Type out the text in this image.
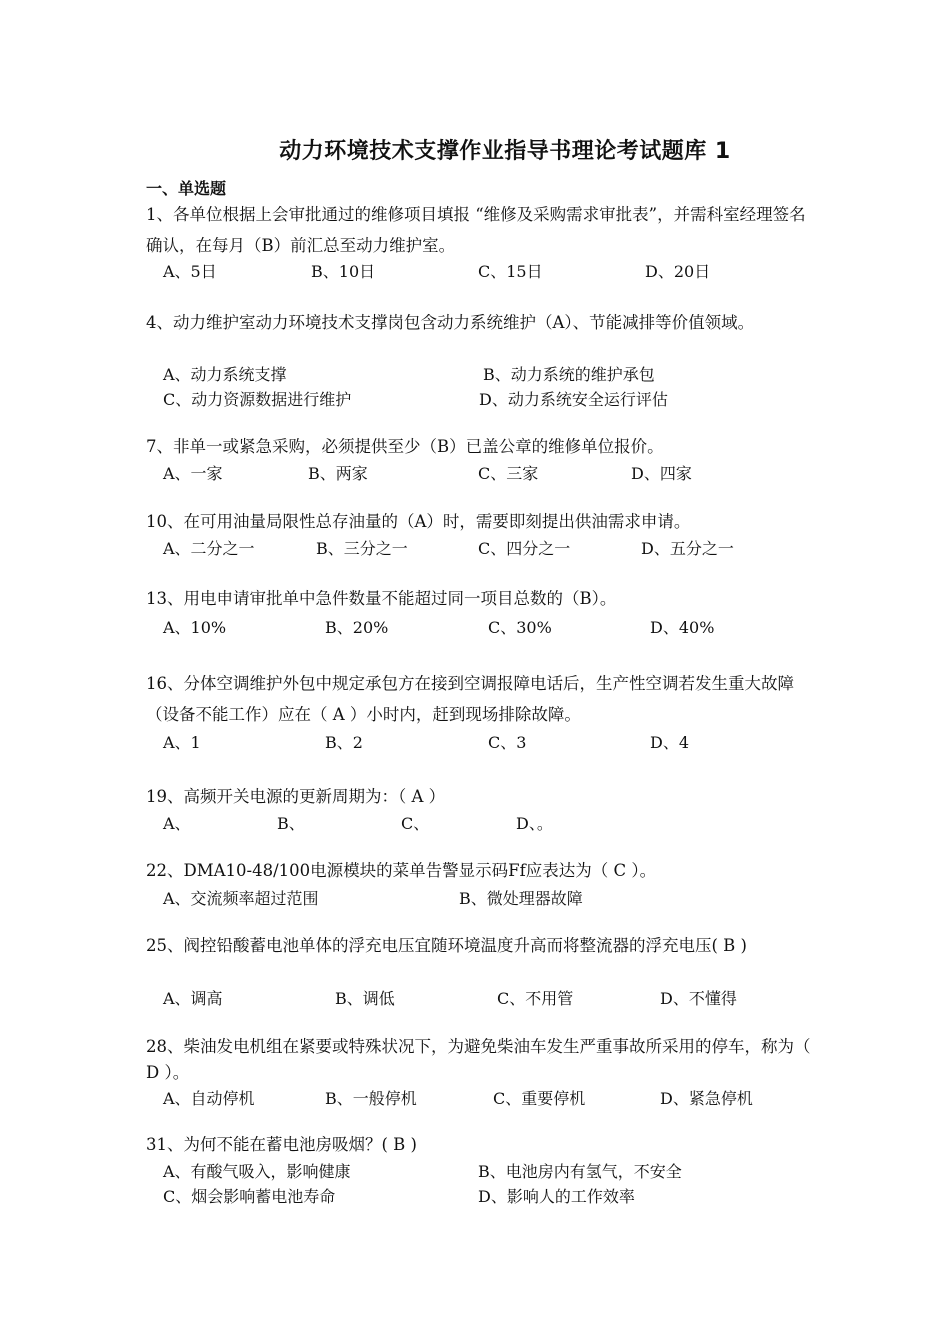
动力环境技术支撑作业指导书理论考试题库 1
一、单选题
1、各单位根据上会审批通过的维修项目填报 “维修及采购需求审批表”，并需科室经理签名确认，在每月（B）前汇总至动力维护室。
A、5日	B、10日	C、15日	D、20日
4、动力维护室动力环境技术支撑岗包含动力系统维护（A）、节能减排等价值领域。
A、动力系统支撑	B、动力系统的维护承包
C、动力资源数据进行维护	D、动力系统安全运行评估
7、非单一或紧急采购，必须提供至少（B）已盖公章的维修单位报价。
A、一家	B、两家	C、三家	D、四家
10、在可用油量局限性总存油量的（A）时，需要即刻提出供油需求申请。
A、二分之一	B、三分之一	C、四分之一	D、五分之一
13、用电申请审批单中急件数量不能超过同一项目总数的（B）。
A、10%	B、20%	C、30%	D、40%
16、分体空调维护外包中规定承包方在接到空调报障电话后，生产性空调若发生重大故障（设备不能工作）应在（ A ）小时内，赶到现场排除故障。
A、1	B、2	C、3	D、4
19、高频开关电源的更新周期为：（ A ）
A、	B、	C、	D、。
22、DMA10-48/100电源模块的菜单告警显示码Ff应表达为（ C ）。
A、交流频率超过范围	B、微处理器故障
25、阀控铅酸蓄电池单体的浮充电压宜随环境温度升高而将整流器的浮充电压( B )
A、调高	B、调低	C、不用管	D、不懂得
28、柴油发电机组在紧要或特殊状况下，为避免柴油车发生严重事故所采用的停车，称为（ D ）。
A、自动停机	B、一般停机	C、重要停机	D、紧急停机
31、为何不能在蓄电池房吸烟？( B )
A、有酸气吸入，影响健康	B、电池房内有氢气，不安全
C、烟会影响蓄电池寿命	D、影响人的工作效率
